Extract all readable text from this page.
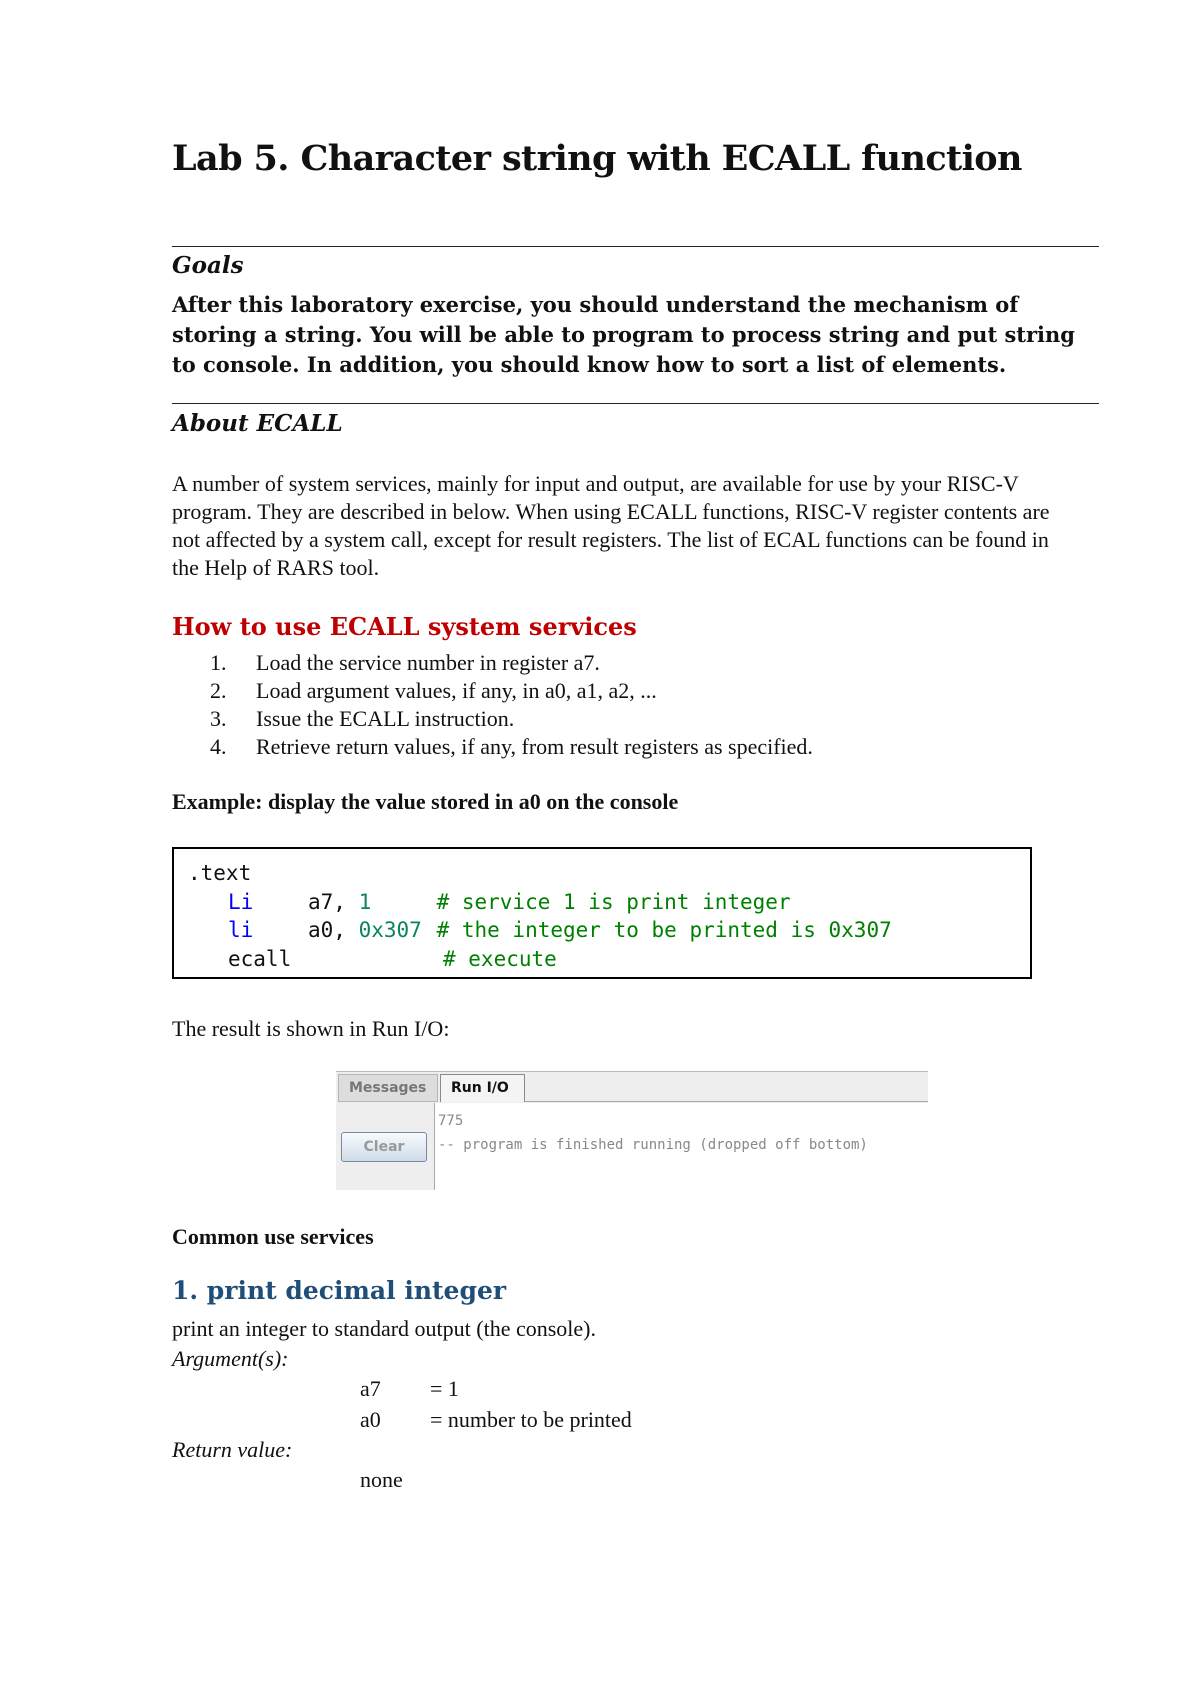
Lab 5. Character string with ECALL function
Goals

After this laboratory exercise, you should understand the mechanism of storing a string. You will be able to program to process string and put string to console. In addition, you should know how to sort a list of elements.

About ECALL

A number of system services, mainly for input and output, are available for use by your RISC-V program. They are described in below. When using ECALL functions, RISC-V register contents are not affected by a system call, except for result registers. The list of ECAL functions can be found in the Help of RARS tool.

How to use ECALL system services
1. Load the service number in register a7.
2. Load argument values, if any, in a0, a1, a2, ...
3. Issue the ECALL instruction.
4. Retrieve return values, if any, from result registers as specified.
Example: display the value stored in a0 on the console
.text
Li	a7, 1	# service 1 is print integer
li	a0, 0x307 # the integer to be printed is 0x307
ecall	# execute
The result is shown in Run I/O:
Messages	Run I/O
Clear
775
-- program is finished running (dropped off bottom)
Common use services
1. print decimal integer
print an integer to standard output (the console).
Argument(s):
a7 = 1
a0 = number to be printed
Return value:
none
